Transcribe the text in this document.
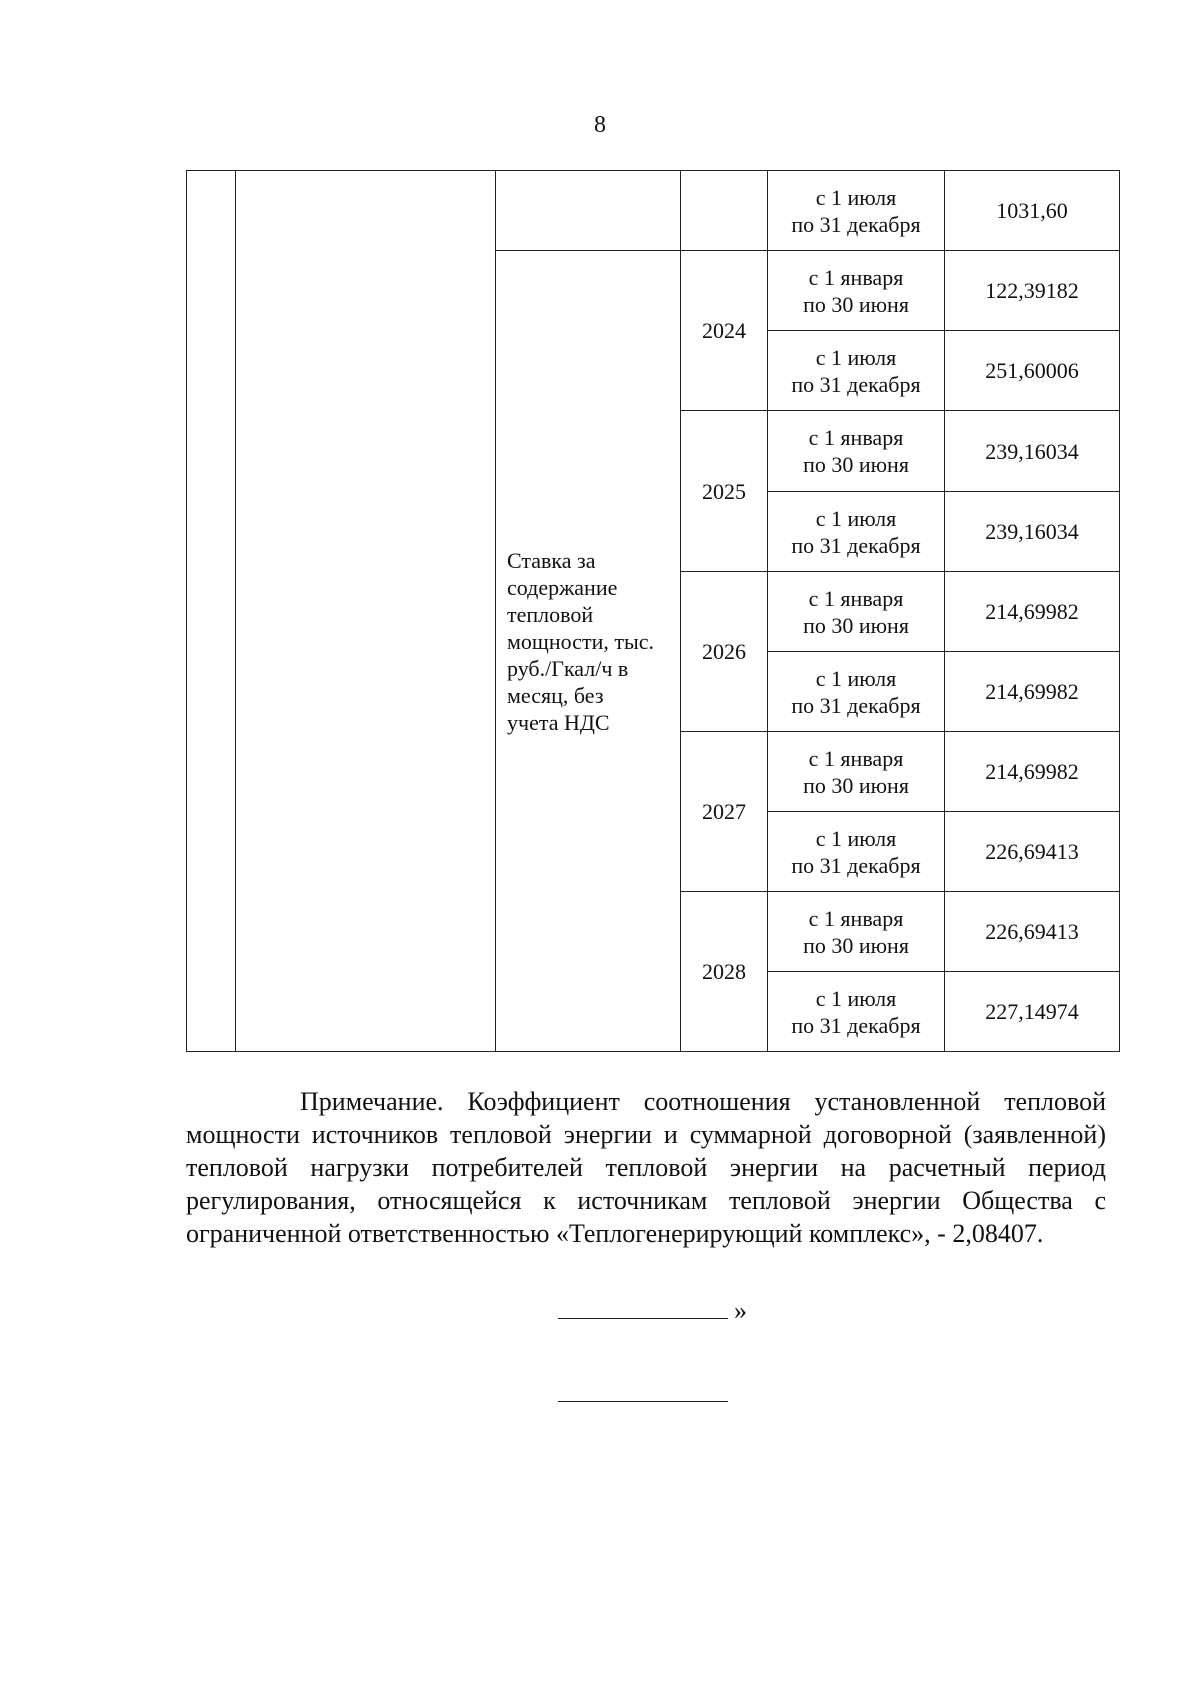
8
				с 1 июля
по 31 декабря	1031,60

		Ставка за содержание тепловой мощности, тыс. руб./Гкал/ч в месяц, без учета НДС	2024	с 1 января
по 30 июня	122,39182
				с 1 июля
по 31 декабря	251,60006
			2025	с 1 января
по 30 июня	239,16034
				с 1 июля
по 31 декабря	239,16034
			2026	с 1 января
по 30 июня	214,69982
				с 1 июля
по 31 декабря	214,69982
			2027	с 1 января
по 30 июня	214,69982
				с 1 июля
по 31 декабря	226,69413
			2028	с 1 января
по 30 июня	226,69413
				с 1 июля
по 31 декабря	227,14974

Примечание. Коэффициент соотношения установленной тепловой мощности источников тепловой энергии и суммарной договорной (заявленной) тепловой нагрузки потребителей тепловой энергии на расчетный период регулирования, относящейся к источникам тепловой энергии Общества с ограниченной ответственностью «Теплогенерирующий комплекс», - 2,08407.

»
